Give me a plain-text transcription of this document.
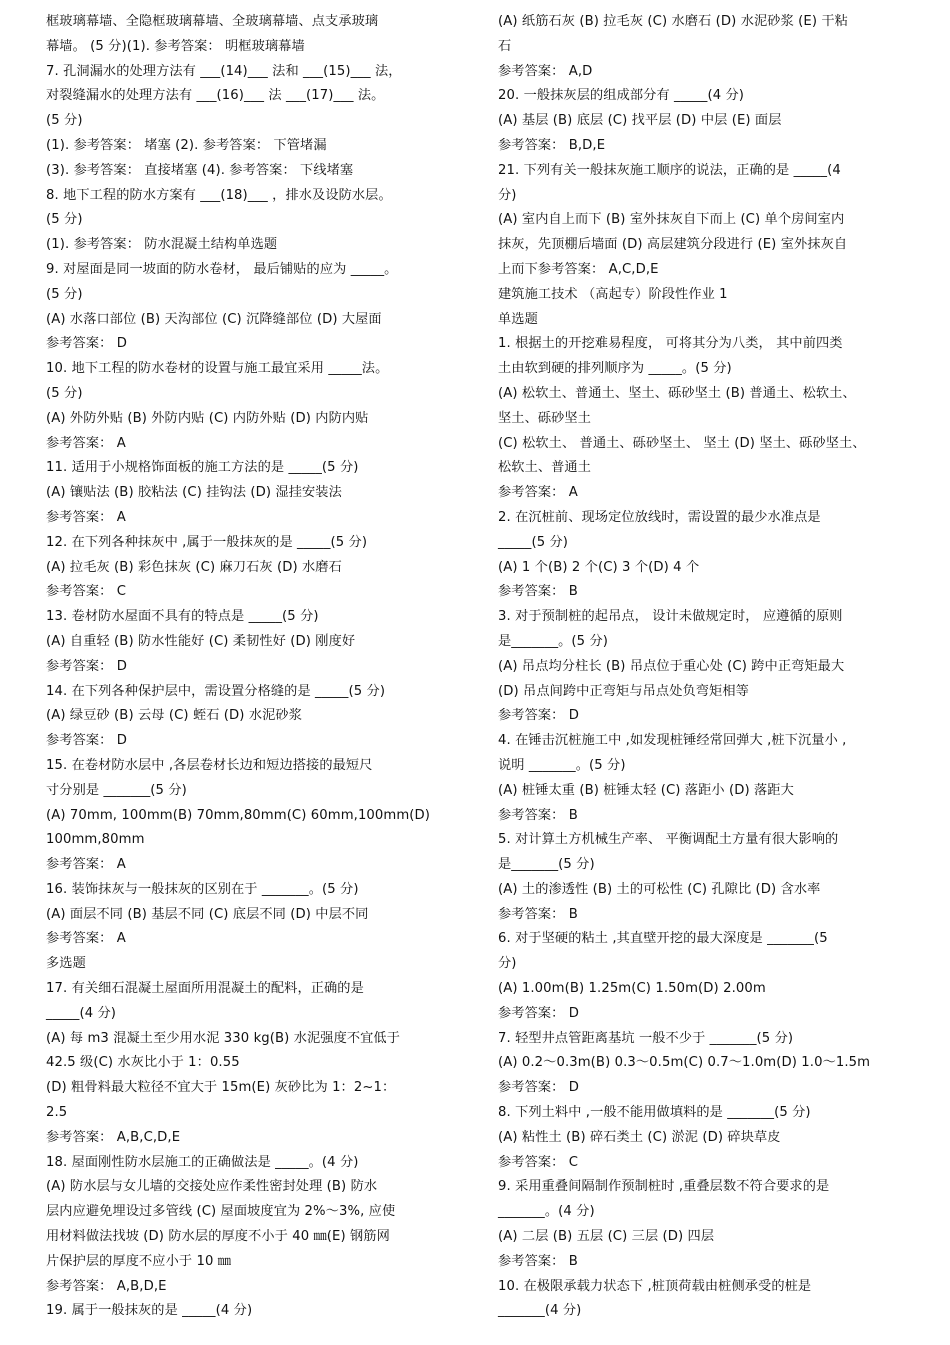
框玻璃幕墙、全隐框玻璃幕墙、全玻璃幕墙、点支承玻璃

幕墙。 (5 分)(1). 参考答案： 明框玻璃幕墙

7. 孔洞漏水的处理方法有 ___(14)___ 法和 ___(15)___ 法，

对裂缝漏水的处理方法有 ___(16)___ 法 ___(17)___ 法。

(5 分)

(1). 参考答案： 堵塞 (2). 参考答案： 下管堵漏

(3). 参考答案： 直接堵塞 (4). 参考答案： 下线堵塞

8. 地下工程的防水方案有 ___(18)___ ，排水及设防水层。

(5 分)

(1). 参考答案： 防水混凝土结构单选题

9. 对屋面是同一坡面的防水卷材， 最后铺贴的应为 _____。

(5 分)

(A) 水落口部位 (B) 天沟部位 (C) 沉降缝部位 (D) 大屋面

参考答案： D

10. 地下工程的防水卷材的设置与施工最宜采用 _____法。

(5 分)

(A) 外防外贴 (B) 外防内贴 (C) 内防外贴 (D) 内防内贴

参考答案： A

11. 适用于小规格饰面板的施工方法的是 _____(5 分)

(A) 镶贴法 (B) 胶粘法 (C) 挂钩法 (D) 湿挂安装法

参考答案： A

12. 在下列各种抹灰中 ,属于一般抹灰的是 _____(5 分)

(A) 拉毛灰 (B) 彩色抹灰 (C) 麻刀石灰 (D) 水磨石

参考答案： C

13. 卷材防水屋面不具有的特点是 _____(5 分)

(A) 自重轻 (B) 防水性能好 (C) 柔韧性好 (D) 刚度好

参考答案： D

14. 在下列各种保护层中，需设置分格缝的是 _____(5 分)

(A) 绿豆砂 (B) 云母 (C) 蛭石 (D) 水泥砂浆

参考答案： D

15. 在卷材防水层中 ,各层卷材长边和短边搭接的最短尺

寸分别是 _______(5 分)

(A) 70mm, 100mm(B) 70mm,80mm(C) 60mm,100mm(D)

100mm,80mm

参考答案： A

16. 装饰抹灰与一般抹灰的区别在于 _______。(5 分)

(A) 面层不同 (B) 基层不同 (C) 底层不同 (D) 中层不同

参考答案： A

多选题

17. 有关细石混凝土屋面所用混凝土的配料，正确的是

_____(4 分)

(A) 每 m3 混凝土至少用水泥 330 kg(B) 水泥强度不宜低于

42.5 级(C) 水灰比小于 1：0.55

(D) 粗骨料最大粒径不宜大于 15m(E) 灰砂比为 1：2~1：

2.5

参考答案： A,B,C,D,E

18. 屋面刚性防水层施工的正确做法是 _____。(4 分)

(A) 防水层与女儿墙的交接处应作柔性密封处理 (B) 防水

层内应避免埋设过多管线 (C) 屋面坡度宜为 2%～3%, 应使

用材料做法找坡 (D) 防水层的厚度不小于 40 ㎜(E) 钢筋网

片保护层的厚度不应小于 10 ㎜

参考答案： A,B,D,E

19. 属于一般抹灰的是 _____(4 分)

(A) 纸筋石灰 (B) 拉毛灰 (C) 水磨石 (D) 水泥砂浆 (E) 干粘

石

参考答案： A,D

20. 一般抹灰层的组成部分有 _____(4 分)

(A) 基层 (B) 底层 (C) 找平层 (D) 中层 (E) 面层

参考答案： B,D,E

21. 下列有关一般抹灰施工顺序的说法，正确的是 _____(4

分)

(A) 室内自上而下 (B) 室外抹灰自下而上 (C) 单个房间室内

抹灰，先顶棚后墙面 (D) 高层建筑分段进行 (E) 室外抹灰自

上而下参考答案： A,C,D,E

建筑施工技术 （高起专）阶段性作业 1

单选题

1. 根据土的开挖难易程度， 可将其分为八类， 其中前四类

土由软到硬的排列顺序为 _____。(5 分)

(A) 松软土、普通土、坚土、砾砂坚土 (B) 普通土、松软土、

坚土、砾砂坚土

(C) 松软土、 普通土、砾砂坚土、 坚土 (D) 坚土、砾砂坚土、

松软土、普通土

参考答案： A

2. 在沉桩前、现场定位放线时，需设置的最少水准点是

_____(5 分)

(A) 1 个(B) 2 个(C) 3 个(D) 4 个

参考答案： B

3. 对于预制桩的起吊点， 设计未做规定时， 应遵循的原则

是_______。(5 分)

(A) 吊点均分柱长 (B) 吊点位于重心处 (C) 跨中正弯矩最大

(D) 吊点间跨中正弯矩与吊点处负弯矩相等

参考答案： D

4. 在锤击沉桩施工中 ,如发现桩锤经常回弹大 ,桩下沉量小 ,

说明 _______。(5 分)

(A) 桩锤太重 (B) 桩锤太轻 (C) 落距小 (D) 落距大

参考答案： B

5. 对计算土方机械生产率、 平衡调配土方量有很大影响的

是_______(5 分)

(A) 土的渗透性 (B) 土的可松性 (C) 孔隙比 (D) 含水率

参考答案： B

6. 对于坚硬的粘土 ,其直壁开挖的最大深度是 _______(5

分)

(A) 1.00m(B) 1.25m(C) 1.50m(D) 2.00m

参考答案： D

7. 轻型井点管距离基坑 一般不少于 _______(5 分)

(A) 0.2～0.3m(B) 0.3～0.5m(C) 0.7～1.0m(D) 1.0～1.5m

参考答案： D

8. 下列土料中 ,一般不能用做填料的是 _______(5 分)

(A) 粘性土 (B) 碎石类土 (C) 淤泥 (D) 碎块草皮

参考答案： C

9. 采用重叠间隔制作预制桩时 ,重叠层数不符合要求的是

_______。(4 分)

(A) 二层 (B) 五层 (C) 三层 (D) 四层

参考答案： B

10. 在极限承载力状态下 ,桩顶荷载由桩侧承受的桩是

_______(4 分)
